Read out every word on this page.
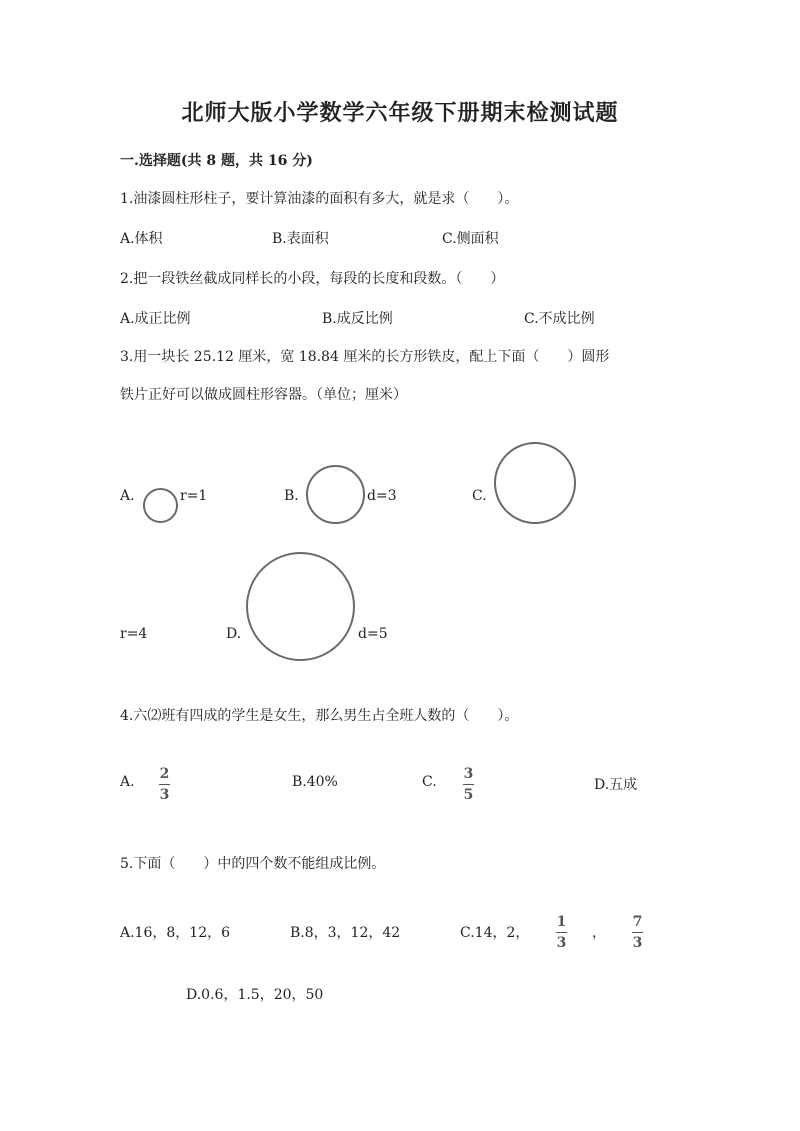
北师大版小学数学六年级下册期末检测试题
一.选择题(共 8 题，共 16 分)
1.油漆圆柱形柱子，要计算油漆的面积有多大，就是求（　　）。
A.体积	B.表面积	C.侧面积
2.把一段铁丝截成同样长的小段，每段的长度和段数。（　　）
A.成正比例	B.成反比例	C.不成比例
3.用一块长 25.12 厘米，宽 18.84 厘米的长方形铁皮，配上下面（　　）圆形
铁片正好可以做成圆柱形容器。（单位；厘米）
A.	r=1	B.	d=3	C.
r=4	D.	d=5
4.六⑵班有四成的学生是女生，那么男生占全班人数的（　　）。
A. 2
3
B.40%	C. 3
5
D.五成
5.下面（　　）中的四个数不能组成比例。
A.16，8，12，6	B.8，3，12，42	C.14，2，
1
3
，
7
3
D.0.6，1.5，20，50
